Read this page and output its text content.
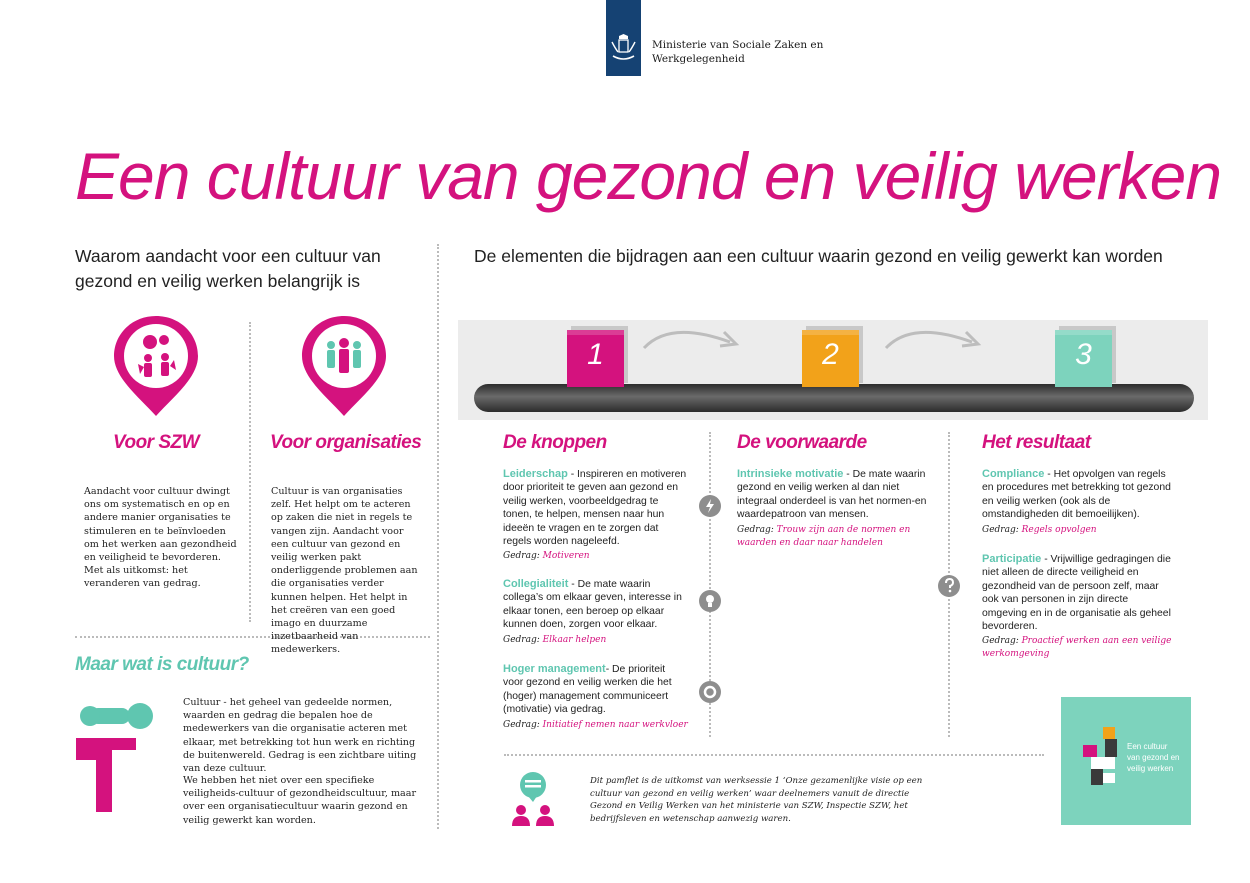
Ministerie van Sociale Zaken en
Werkgelegenheid
Een cultuur van gezond en veilig werken
Waarom aandacht voor een cultuur van
gezond en veilig werken belangrijk is
De elementen die bijdragen aan een cultuur waarin gezond en veilig gewerkt kan worden
Voor SZW
Aandacht voor cultuur dwingt ons om systematisch en op en andere manier organisaties te stimuleren en te beïnvloeden om het werken aan gezondheid en veiligheid te bevorderen.
Met als uitkomst: het veranderen van gedrag.
Voor organisaties
Cultuur is van organisaties zelf. Het helpt om te acteren op zaken die niet in regels te vangen zijn. Aandacht voor een cultuur van gezond en veilig werken pakt onderliggende problemen aan die organisaties verder kunnen helpen. Het helpt in het creëren van een goed imago en duurzame inzetbaarheid van medewerkers.
Maar wat is cultuur?
Cultuur - het geheel van gedeelde normen, waarden en gedrag die bepalen hoe de medewerkers van die organisatie acteren met elkaar, met betrekking tot hun werk en richting de buitenwereld. Gedrag is een zichtbare uiting van deze cultuur.
We hebben het niet over een specifieke veiligheids-cultuur of gezondheidscultuur, maar over een organisatiecultuur waarin gezond en veilig gewerkt kan worden.
1	2	3
De knoppen
Leiderschap - Inspireren en motiveren door prioriteit te geven aan gezond en veilig werken, voorbeeldgedrag te tonen, te helpen, mensen naar hun ideeën te vragen en te zorgen dat regels worden nageleefd.
Gedrag: Motiveren
Collegialiteit - De mate waarin collega’s om elkaar geven, interesse in elkaar tonen, een beroep op elkaar kunnen doen, zorgen voor elkaar.
Gedrag: Elkaar helpen
Hoger management- De prioriteit voor gezond en veilig werken die het (hoger) management communiceert (motivatie) via gedrag.
Gedrag: Initiatief nemen naar werkvloer
De voorwaarde
Intrinsieke motivatie - De mate waarin gezond en veilig werken al dan niet integraal onderdeel is van het normen-en waardepatroon van mensen.
Gedrag: Trouw zijn aan de normen en waarden en daar naar handelen
Het resultaat
Compliance - Het opvolgen van regels en procedures met betrekking tot gezond en veilig werken (ook als de omstandigheden dit bemoeilijken).
Gedrag: Regels opvolgen
Participatie - Vrijwillige gedragingen die niet alleen de directe veiligheid en gezondheid van de persoon zelf, maar ook van personen in zijn directe omgeving en in de organisatie als geheel bevorderen.
Gedrag: Proactief werken aan een veilige werkomgeving
Dit pamflet is de uitkomst van werksessie 1 ‘Onze gezamenlijke visie op een cultuur van gezond en veilig werken’ waar deelnemers vanuit de directie Gezond en Veilig Werken van het ministerie van SZW, Inspectie SZW, het bedrijfsleven en wetenschap aanwezig waren.
Een cultuur
van gezond en
veilig werken
